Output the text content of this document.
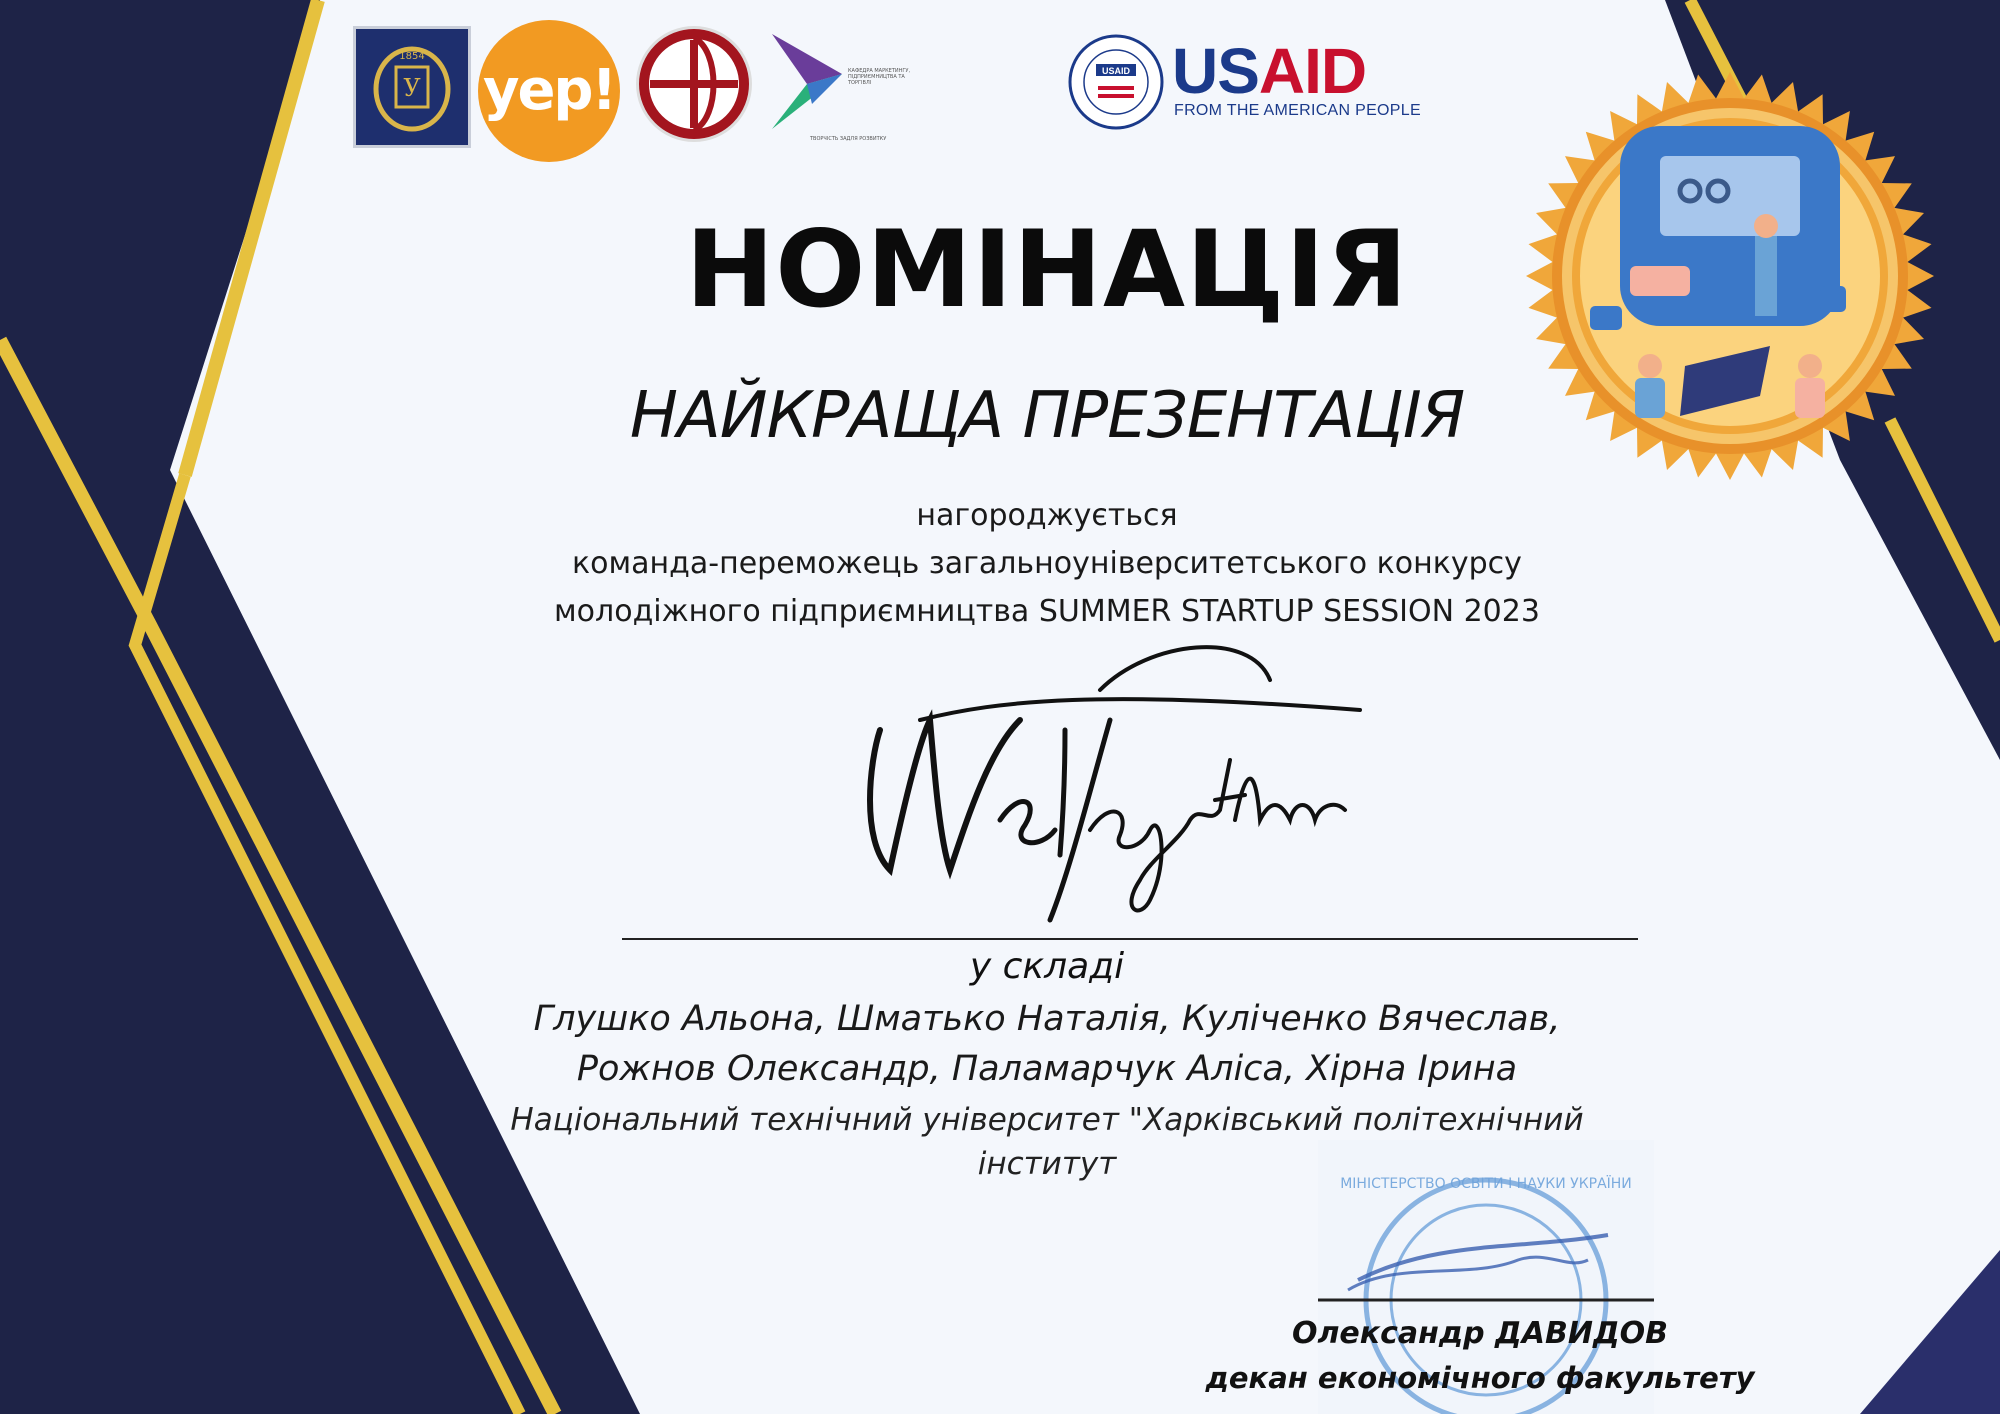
У
1854
yep!	КАФЕДРА МАРКЕТИНГУ, ПІДПРИЄМНИЦТВА ТА ТОРГІВЛІ
ТВОРЧІСТЬ ЗАДЛЯ РОЗВИТКУ
USAID USAID
FROM THE AMERICAN PEOPLE
НОМІНАЦІЯ
НАЙКРАЩА ПРЕЗЕНТАЦІЯ
нагороджується
команда-переможець загальноуніверситетського конкурсу
молодіжного підприємництва SUMMER STARTUP SESSION 2023
WeldTogether
у складі
Глушко Альона, Шматько Наталія, Куліченко Вячеслав,
Рожнов Олександр, Паламарчук Аліса, Хірна Ірина
Національний технічний університет "Харківський політехнічний
інститут
МІНІСТЕРСТВО ОСВІТИ І НАУКИ УКРАЇНИ
Олександр ДАВИДОВ
декан економічного факультету
